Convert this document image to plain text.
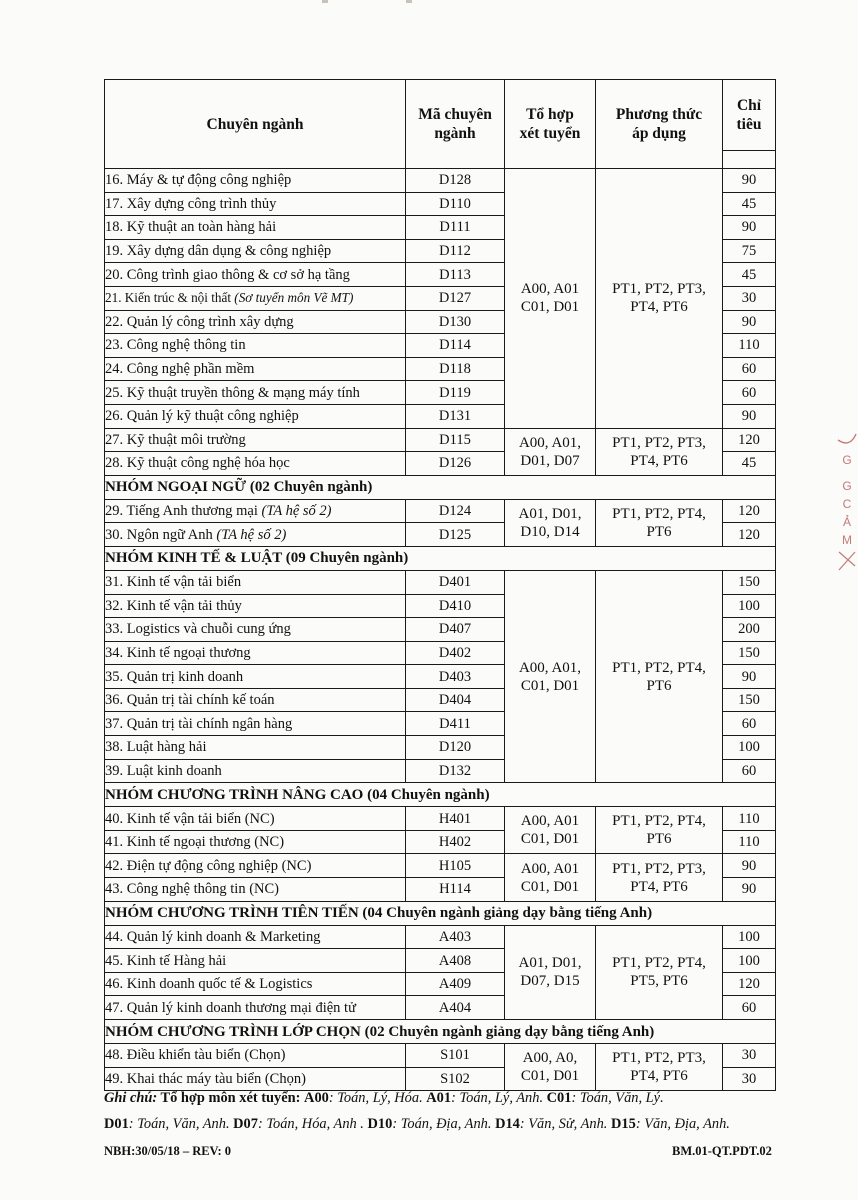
Chuyên ngành	Mã chuyên ngành	Tổ hợp xét tuyển	Phương thức áp dụng	Chỉ tiêu

16. Máy & tự động công nghiệp	D128	A00, A01 C01, D01	PT1, PT2, PT3, PT4, PT6	90
17. Xây dựng công trình thủy	D110			45
18. Kỹ thuật an toàn hàng hải	D111			90
19. Xây dựng dân dụng & công nghiệp	D112			75
20. Công trình giao thông & cơ sở hạ tầng	D113			45
21. Kiến trúc & nội thất (Sơ tuyển môn Vẽ MT)	D127			30
22. Quản lý công trình xây dựng	D130			90
23. Công nghệ thông tin	D114			110
24. Công nghệ phần mềm	D118			60
25. Kỹ thuật truyền thông & mạng máy tính	D119			60
26. Quản lý kỹ thuật công nghiệp	D131			90
27. Kỹ thuật môi trường	D115	A00, A01, D01, D07	PT1, PT2, PT3, PT4, PT6	120
28. Kỹ thuật công nghệ hóa học	D126			45
NHÓM NGOẠI NGỮ (02 Chuyên ngành)				
29. Tiếng Anh thương mại (TA hệ số 2)	D124	A01, D01, D10, D14	PT1, PT2, PT4, PT6	120
30. Ngôn ngữ Anh (TA hệ số 2)	D125			120
NHÓM KINH TẾ & LUẬT (09 Chuyên ngành)				
31. Kinh tế vận tải biển	D401	A00, A01, C01, D01	PT1, PT2, PT4, PT6	150
32. Kinh tế vận tải thủy	D410			100
33. Logistics và chuỗi cung ứng	D407			200
34. Kinh tế ngoại thương	D402			150
35. Quản trị kinh doanh	D403			90
36. Quản trị tài chính kế toán	D404			150
37. Quản trị tài chính ngân hàng	D411			60
38. Luật hàng hải	D120			100
39. Luật kinh doanh	D132			60
NHÓM CHƯƠNG TRÌNH NÂNG CAO (04 Chuyên ngành)				
40. Kinh tế vận tải biển (NC)	H401	A00, A01 C01, D01	PT1, PT2, PT4, PT6	110
41. Kinh tế ngoại thương (NC)	H402			110
42. Điện tự động công nghiệp (NC)	H105	A00, A01 C01, D01	PT1, PT2, PT3, PT4, PT6	90
43. Công nghệ thông tin (NC)	H114			90
NHÓM CHƯƠNG TRÌNH TIÊN TIẾN (04 Chuyên ngành giảng dạy bằng tiếng Anh)				
44. Quản lý kinh doanh & Marketing	A403	A01, D01, D07, D15	PT1, PT2, PT4, PT5, PT6	100
45. Kinh tế Hàng hải	A408			100
46. Kinh doanh quốc tế & Logistics	A409			120
47. Quản lý kinh doanh thương mại điện tử	A404			60
NHÓM CHƯƠNG TRÌNH LỚP CHỌN (02 Chuyên ngành giảng dạy bằng tiếng Anh)				
48. Điều khiển tàu biển (Chọn)	S101	A00, A0, C01, D01	PT1, PT2, PT3, PT4, PT6	30
49. Khai thác máy tàu biển (Chọn)	S102			30
Ghi chú: Tổ hợp môn xét tuyển: A00: Toán, Lý, Hóa. A01: Toán, Lý, Anh. C01: Toán, Văn, Lý.
D01: Toán, Văn, Anh. D07: Toán, Hóa, Anh . D10: Toán, Địa, Anh. D14: Văn, Sử, Anh. D15: Văn, Địa, Anh.
NBH:30/05/18 – REV: 0	BM.01-QT.PDT.02
G
G
C
Ả
M
